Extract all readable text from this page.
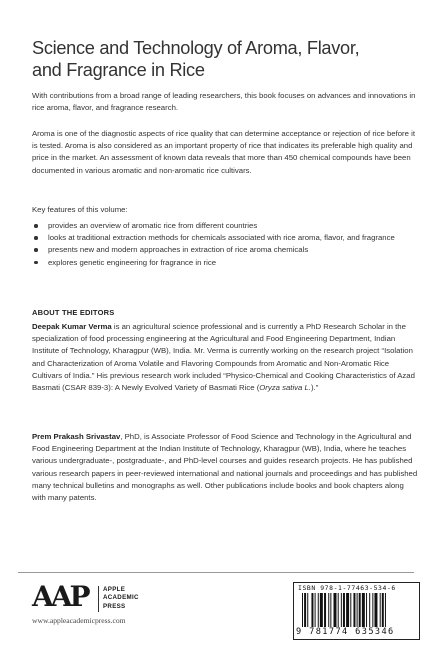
Science and Technology of Aroma, Flavor,
and Fragrance in Rice

With contributions from a broad range of leading researchers, this book focuses on advances and innovations in rice aroma, flavor, and fragrance research.

Aroma is one of the diagnostic aspects of rice quality that can determine acceptance or rejection of rice before it is tested. Aroma is also considered as an important property of rice that indicates its preferable high quality and price in the market. An assessment of known data reveals that more than 450 chemical compounds have been documented in various aromatic and non-aromatic rice cultivars.

Key features of this volume:

provides an overview of aromatic rice from different countries
looks at traditional extraction methods for chemicals associated with rice aroma, flavor, and fragrance
presents new and modern approaches in extraction of rice aroma chemicals
explores genetic engineering for fragrance in rice

ABOUT THE EDITORS

Deepak Kumar Verma is an agricultural science professional and is currently a PhD Research Scholar in the specialization of food processing engineering at the Agricultural and Food Engineering Department, Indian Institute of Technology, Kharagpur (WB), India. Mr. Verma is currently working on the research project “Isolation and Characterization of Aroma Volatile and Flavoring Compounds from Aromatic and Non-Aromatic Rice Cultivars of India.” His previous research work included “Physico-Chemical and Cooking Characteristics of Azad Basmati (CSAR 839-3): A Newly Evolved Variety of Basmati Rice (Oryza sativa L.).”

Prem Prakash Srivastav, PhD, is Associate Professor of Food Science and Technology in the Agricultural and Food Engineering Department at the Indian Institute of Technology, Kharagpur (WB), India, where he teaches various undergraduate-, postgraduate-, and PhD-level courses and guides research projects. He has published various research papers in peer-reviewed international and national journals and proceedings and has published many technical bulletins and monographs as well. Other publications include books and book chapters along with many patents.

AAP APPLE
ACADEMIC
PRESS
www.appleacademicpress.com
ISBN 978-1-77463-534-6
9 781774 635346
